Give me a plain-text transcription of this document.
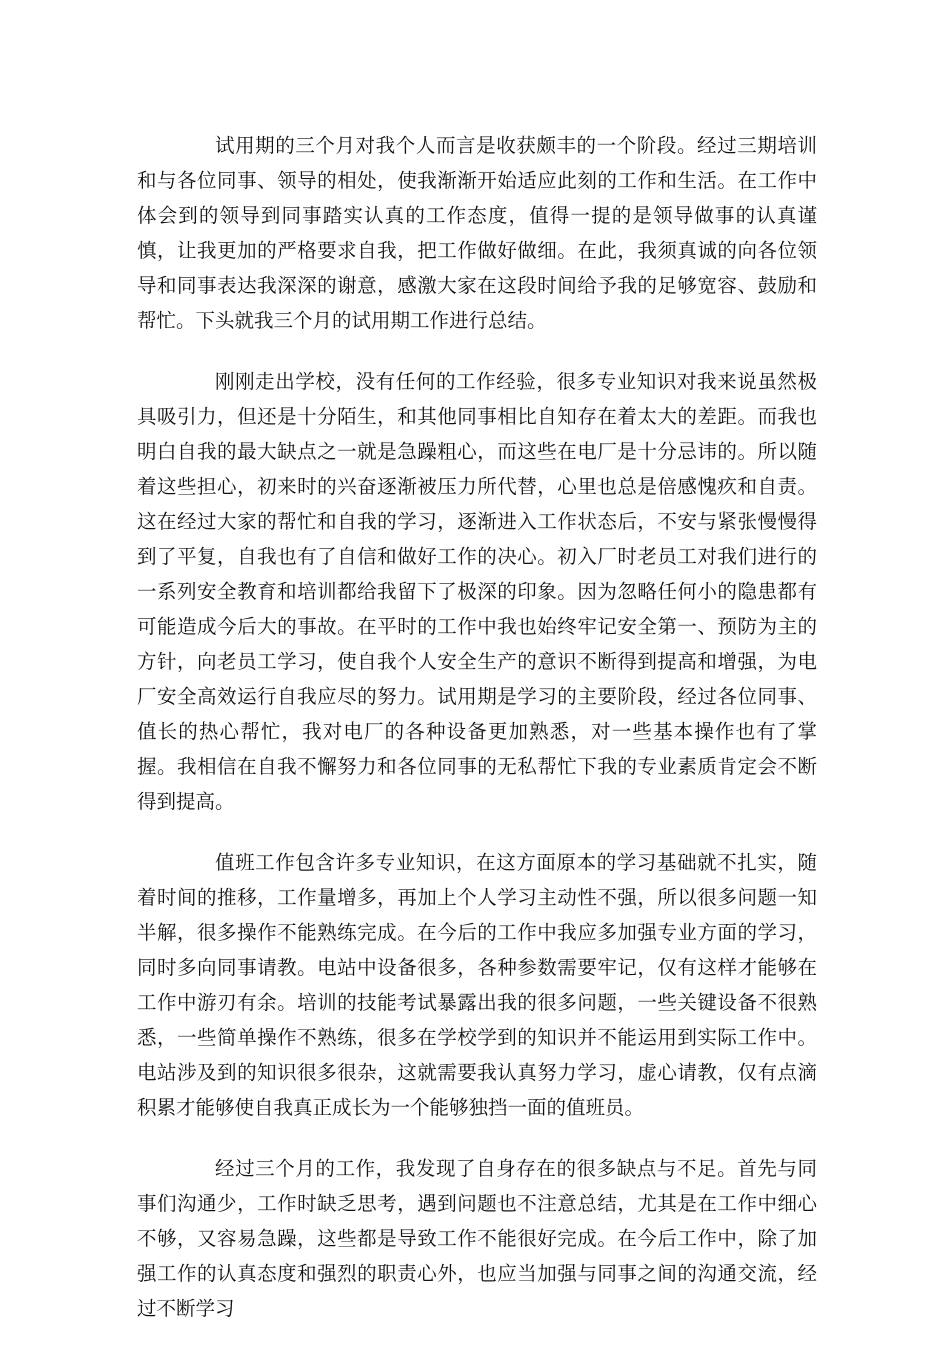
试用期的三个月对我个人而言是收获颇丰的一个阶段。经过三期培训和与各位同事、领导的相处，使我渐渐开始适应此刻的工作和生活。在工作中体会到的领导到同事踏实认真的工作态度，值得一提的是领导做事的认真谨慎，让我更加的严格要求自我，把工作做好做细。在此，我须真诚的向各位领导和同事表达我深深的谢意，感激大家在这段时间给予我的足够宽容、鼓励和帮忙。下头就我三个月的试用期工作进行总结。

刚刚走出学校，没有任何的工作经验，很多专业知识对我来说虽然极具吸引力，但还是十分陌生，和其他同事相比自知存在着太大的差距。而我也明白自我的最大缺点之一就是急躁粗心，而这些在电厂是十分忌讳的。所以随着这些担心，初来时的兴奋逐渐被压力所代替，心里也总是倍感愧疚和自责。这在经过大家的帮忙和自我的学习，逐渐进入工作状态后，不安与紧张慢慢得到了平复，自我也有了自信和做好工作的决心。初入厂时老员工对我们进行的一系列安全教育和培训都给我留下了极深的印象。因为忽略任何小的隐患都有可能造成今后大的事故。在平时的工作中我也始终牢记安全第一、预防为主的方针，向老员工学习，使自我个人安全生产的意识不断得到提高和增强，为电厂安全高效运行自我应尽的努力。试用期是学习的主要阶段，经过各位同事、值长的热心帮忙，我对电厂的各种设备更加熟悉，对一些基本操作也有了掌握。我相信在自我不懈努力和各位同事的无私帮忙下我的专业素质肯定会不断得到提高。

值班工作包含许多专业知识，在这方面原本的学习基础就不扎实，随着时间的推移，工作量增多，再加上个人学习主动性不强，所以很多问题一知半解，很多操作不能熟练完成。在今后的工作中我应多加强专业方面的学习，同时多向同事请教。电站中设备很多，各种参数需要牢记，仅有这样才能够在工作中游刃有余。培训的技能考试暴露出我的很多问题，一些关键设备不很熟悉，一些简单操作不熟练，很多在学校学到的知识并不能运用到实际工作中。电站涉及到的知识很多很杂，这就需要我认真努力学习，虚心请教，仅有点滴积累才能够使自我真正成长为一个能够独挡一面的值班员。

经过三个月的工作，我发现了自身存在的很多缺点与不足。首先与同事们沟通少，工作时缺乏思考，遇到问题也不注意总结，尤其是在工作中细心不够，又容易急躁，这些都是导致工作不能很好完成。在今后工作中，除了加强工作的认真态度和强烈的职责心外，也应当加强与同事之间的沟通交流，经过不断学习
